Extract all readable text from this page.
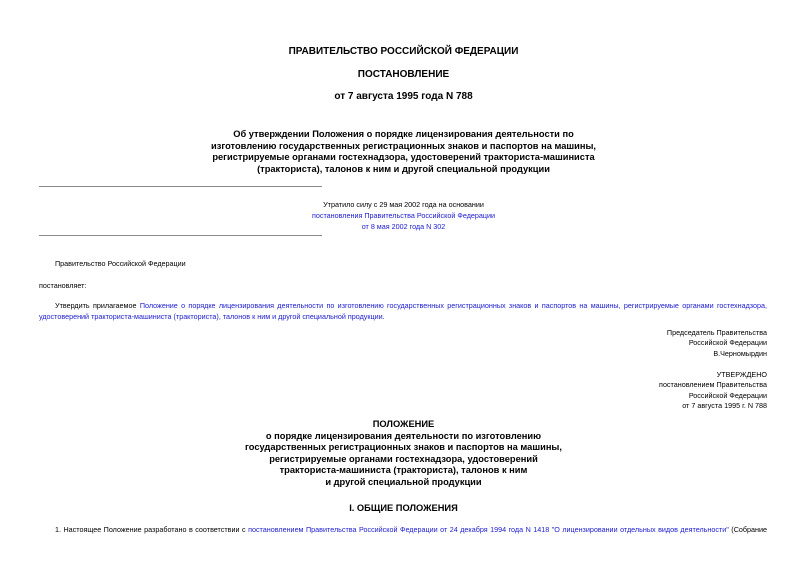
ПРАВИТЕЛЬСТВО РОССИЙСКОЙ ФЕДЕРАЦИИ
ПОСТАНОВЛЕНИЕ
от 7 августа 1995 года N 788
Об утверждении Положения о порядке лицензирования деятельности по
изготовлению государственных регистрационных знаков и паспортов на машины,
регистрируемые органами гостехнадзора, удостоверений тракториста-машиниста
(тракториста), талонов к ним и другой специальной продукции
Утратило силу с 29 мая 2002 года на основании
постановления Правительства Российской Федерации
от 8 мая 2002 года N 302
Правительство Российской Федерации
постановляет:
Утвердить прилагаемое Положение о порядке лицензирования деятельности по изготовлению государственных регистрационных знаков и паспортов на машины, регистрируемые органами гостехнадзора,
удостоверений тракториста-машиниста (тракториста), талонов к ним и другой специальной продукции.
Председатель Правительства
Российской Федерации
В.Черномырдин
УТВЕРЖДЕНО
постановлением Правительства
Российской Федерации
от 7 августа 1995 г. N 788
ПОЛОЖЕНИЕ
о порядке лицензирования деятельности по изготовлению
государственных регистрационных знаков и паспортов на машины,
регистрируемые органами гостехнадзора, удостоверений
тракториста-машиниста (тракториста), талонов к ним
и другой специальной продукции
I. ОБЩИЕ ПОЛОЖЕНИЯ
1. Настоящее Положение разработано в соответствии с постановлением Правительства Российской Федерации от 24 декабря 1994 года N 1418 "О лицензировании отдельных видов деятельности" (Собрание
